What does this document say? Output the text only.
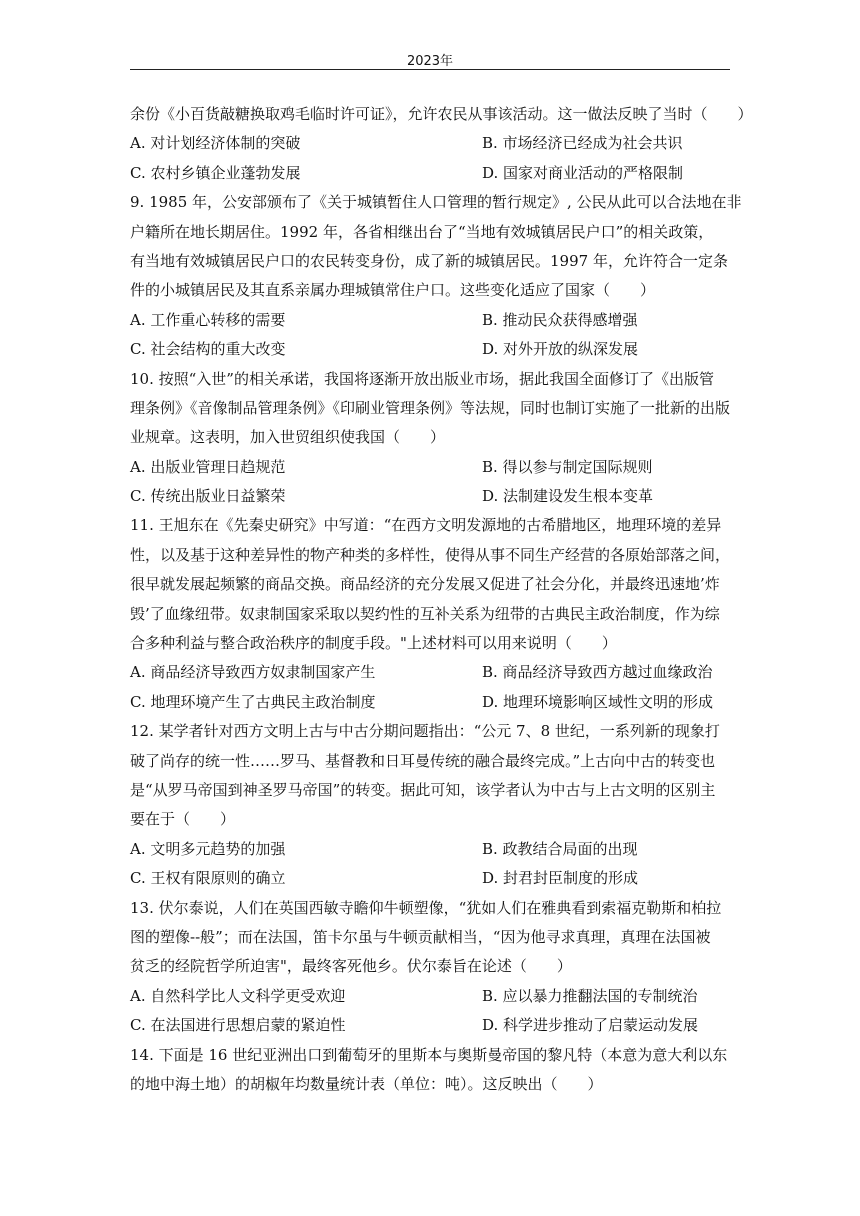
2023年
余份《小百货敲糖换取鸡毛临时许可证》，允许农民从事该活动。这一做法反映了当时（　　）
A. 对计划经济体制的突破	B. 市场经济已经成为社会共识
C. 农村乡镇企业蓬勃发展	D. 国家对商业活动的严格限制
9. 1985 年，公安部颁布了《关于城镇暂住人口管理的暂行规定》, 公民从此可以合法地在非
户籍所在地长期居住。1992 年，各省相继出台了“当地有效城镇居民户口”的相关政策，
有当地有效城镇居民户口的农民转变身份，成了新的城镇居民。1997 年，允许符合一定条
件的小城镇居民及其直系亲属办理城镇常住户口。这些变化适应了国家（　　）
A. 工作重心转移的需要	B. 推动民众获得感增强
C. 社会结构的重大改变	D. 对外开放的纵深发展
10. 按照“入世”的相关承诺，我国将逐渐开放出版业市场，据此我国全面修订了《出版管
理条例》《音像制品管理条例》《印刷业管理条例》等法规，同时也制订实施了一批新的出版
业规章。这表明，加入世贸组织使我国（　　）
A. 出版业管理日趋规范	B. 得以参与制定国际规则
C. 传统出版业日益繁荣	D. 法制建设发生根本变革
11. 王旭东在《先秦史研究》中写道：“在西方文明发源地的古希腊地区，地理环境的差异
性，以及基于这种差异性的物产种类的多样性，使得从事不同生产经营的各原始部落之间，
很早就发展起频繁的商品交换。商品经济的充分发展又促进了社会分化，并最终迅速地’炸
毁’了血缘纽带。奴隶制国家采取以契约性的互补关系为纽带的古典民主政治制度，作为综
合多种利益与整合政治秩序的制度手段。"上述材料可以用来说明（　　）
A. 商品经济导致西方奴隶制国家产生	B. 商品经济导致西方越过血缘政治
C. 地理环境产生了古典民主政治制度	D. 地理环境影响区域性文明的形成
12. 某学者针对西方文明上古与中古分期问题指出：“公元 7、8 世纪，一系列新的现象打
破了尚存的统一性……罗马、基督教和日耳曼传统的融合最终完成。”上古向中古的转变也
是“从罗马帝国到神圣罗马帝国”的转变。据此可知，该学者认为中古与上古文明的区别主
要在于（　　）
A. 文明多元趋势的加强	B. 政教结合局面的出现
C. 王权有限原则的确立	D. 封君封臣制度的形成
13. 伏尔泰说，人们在英国西敏寺瞻仰牛顿塑像，“犹如人们在雅典看到索福克勒斯和柏拉
图的塑像--般”；而在法国，笛卡尔虽与牛顿贡献相当，“因为他寻求真理，真理在法国被
贫乏的经院哲学所迫害"，最终客死他乡。伏尔泰旨在论述（　　）
A. 自然科学比人文科学更受欢迎	B. 应以暴力推翻法国的专制统治
C. 在法国进行思想启蒙的紧迫性	D. 科学进步推动了启蒙运动发展
14. 下面是 16 世纪亚洲出口到葡萄牙的里斯本与奥斯曼帝国的黎凡特（本意为意大利以东
的地中海土地）的胡椒年均数量统计表（单位：吨）。这反映出（　　）
